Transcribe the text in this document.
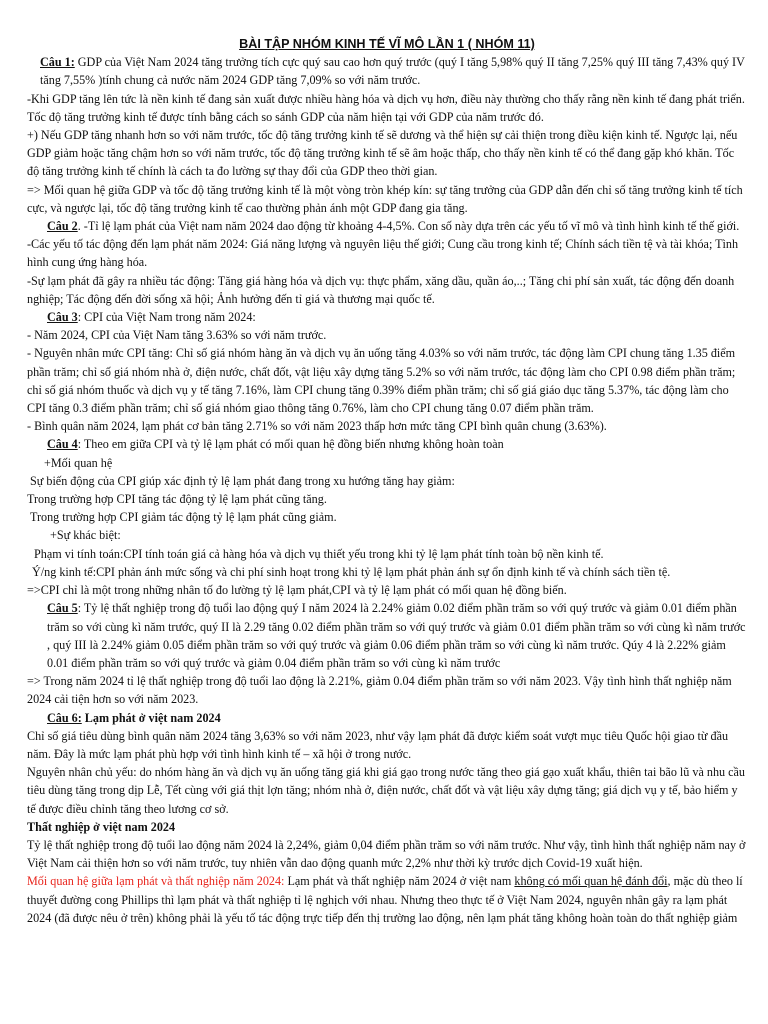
BÀI TẬP NHÓM KINH TẾ VĨ MÔ LẦN 1 ( NHÓM 11)

Câu 1: GDP của Việt Nam 2024 tăng trưởng tích cực quý sau cao hơn quý trước (quý I tăng 5,98% quý II tăng 7,25% quý III tăng 7,43% quý IV tăng 7,55% )tính chung cả nước năm 2024 GDP tăng 7,09% so với năm trước.

-Khi GDP tăng lên tức là nền kinh tế đang sản xuất được nhiều hàng hóa và dịch vụ hơn, điều này thường cho thấy rằng nền kinh tế đang phát triển. Tốc độ tăng trưởng kinh tế được tính bằng cách so sánh GDP của năm hiện tại với GDP của năm trước đó.

+) Nếu GDP tăng nhanh hơn so với năm trước, tốc độ tăng trưởng kinh tế sẽ dương và thể hiện sự cải thiện trong điều kiện kinh tế. Ngược lại, nếu GDP giảm hoặc tăng chậm hơn so với năm trước, tốc độ tăng trưởng kinh tế sẽ âm hoặc thấp, cho thấy nền kinh tế có thể đang gặp khó khăn. Tốc độ tăng trưởng kinh tế chính là cách ta đo lường sự thay đổi của GDP theo thời gian.

=> Mối quan hệ giữa GDP và tốc độ tăng trưởng kinh tế là một vòng tròn khép kín: sự tăng trưởng của GDP dẫn đến chỉ số tăng trưởng kinh tế tích cực, và ngược lại, tốc độ tăng trưởng kinh tế cao thường phản ánh một GDP đang gia tăng.

Câu 2. -Tỉ lệ lạm phát của Việt nam năm 2024 dao động từ khoảng 4-4,5%. Con số này dựa trên các yếu tố vĩ mô và tình hình kinh tế thế giới.

-Các yếu tố tác động đến lạm phát năm 2024: Giá năng lượng và nguyên liệu thế giới; Cung cầu trong kinh tế; Chính sách tiền tệ và tài khóa; Tình hình cung ứng hàng hóa.

-Sự lạm phát đã gây ra nhiều tác động: Tăng giá hàng hóa và dịch vụ: thực phẩm, xăng dầu, quần áo,..; Tăng chi phí sản xuất, tác động đến doanh nghiệp; Tác động đến đời sống xã hội; Ảnh hưởng đến tỉ giá và thương mại quốc tế.

Câu 3: CPI của Việt Nam trong năm 2024:

- Năm 2024, CPI của Việt Nam tăng 3.63% so với năm trước.

- Nguyên nhân mức CPI tăng: Chỉ số giá nhóm hàng ăn và dịch vụ ăn uống tăng 4.03% so với năm trước, tác động làm CPI chung tăng 1.35 điểm phần trăm; chỉ số giá nhóm nhà ở, điện nước, chất đốt, vật liệu xây dựng tăng 5.2% so với năm trước, tác động làm cho CPI 0.98 điểm phần trăm; chỉ số giá nhóm thuốc và dịch vụ y tế tăng 7.16%, làm CPI chung tăng 0.39% điểm phần trăm; chỉ số giá giáo dục tăng 5.37%, tác động làm cho CPI tăng 0.3 điểm phần trăm; chỉ số giá nhóm giao thông tăng 0.76%, làm cho CPI chung tăng 0.07 điểm phần trăm.

- Bình quân năm 2024, lạm phát cơ bản tăng 2.71% so với năm 2023 thấp hơn mức tăng CPI bình quân chung (3.63%).

Câu 4: Theo em giữa CPI và tỷ lệ lạm phát có mối quan hệ đồng biến nhưng không hoàn toàn

+Mối quan hệ

Sự biến động của CPI giúp xác định tỷ lệ lạm phát đang trong xu hướng tăng hay giảm:

Trong trường hợp CPI tăng tác động tỷ lệ lạm phát cũng tăng.

Trong trường hợp CPI giảm tác động tỷ lệ lạm phát cũng giảm.

+Sự khác biệt:

Phạm vi tính toán:CPI tính toán giá cả hàng hóa và dịch vụ thiết yếu trong khi tỷ lệ lạm phát tính toàn bộ nền kinh tế.

Ý/ng kinh tế:CPI phản ánh mức sống và chi phí sinh hoạt trong khi tỷ lệ lạm phát phản ánh sự ổn định kinh tế và chính sách tiền tệ.

=>CPI chỉ là một trong những nhân tố đo lường tỷ lệ lạm phát,CPI và tỷ lệ lạm phát có mối quan hệ đồng biến.

Câu 5: Tỷ lệ thất nghiệp trong độ tuổi lao động quý I năm 2024 là 2.24% giảm 0.02 điểm phần trăm so với quý trước và giảm 0.01 điểm phần trăm so với cùng kì năm trước, quý II là 2.29 tăng 0.02 điểm phần trăm so với quý trước và giảm 0.01 điểm phần trăm so với cùng kì năm trước , quý III là 2.24% giảm 0.05 điểm phần trăm so với quý trước và giảm 0.06 điểm phần trăm so với cùng kì năm trước. Qúy 4 là 2.22% giảm 0.01 điểm phần trăm so với quý trước và giảm 0.04 điểm phần trăm so với cùng kì năm trước

=> Trong năm 2024 tỉ lệ thất nghiệp trong độ tuổi lao động là 2.21%, giảm 0.04 điểm phần trăm so với năm 2023. Vậy tình hình thất nghiệp năm 2024 cải tiện hơn so với năm 2023.

Câu 6: Lạm phát ở việt nam 2024

Chỉ số giá tiêu dùng bình quân năm 2024 tăng 3,63% so với năm 2023, như vậy lạm phát đã được kiểm soát vượt mục tiêu Quốc hội giao từ đầu năm. Đây là mức lạm phát phù hợp với tình hình kinh tế – xã hội ở trong nước.

Nguyên nhân chủ yếu: do nhóm hàng ăn và dịch vụ ăn uống tăng giá khi giá gạo trong nước tăng theo giá gạo xuất khẩu, thiên tai bão lũ và nhu cầu tiêu dùng tăng trong dịp Lễ, Tết cùng với giá thịt lợn tăng; nhóm nhà ở, điện nước, chất đốt và vật liệu xây dựng tăng; giá dịch vụ y tế, bảo hiểm y tế được điều chỉnh tăng theo lương cơ sở.

Thất nghiệp ở việt nam 2024

Tỷ lệ thất nghiệp trong độ tuổi lao động năm 2024 là 2,24%, giảm 0,04 điểm phần trăm so với năm trước. Như vậy, tình hình thất nghiệp năm nay ở Việt Nam cải thiện hơn so với năm trước, tuy nhiên vẫn dao động quanh mức 2,2% như thời kỳ trước dịch Covid-19 xuất hiện.

Mối quan hệ giữa lạm phát và thất nghiệp năm 2024: Lạm phát và thất nghiệp năm 2024 ở việt nam không có mối quan hệ đánh đổi, mặc dù theo lí thuyết đường cong Phillips thì lạm phát và thất nghiệp tỉ lệ nghịch với nhau. Nhưng theo thực tế ở Việt Nam 2024, nguyên nhân gây ra lạm phát 2024 (đã được nêu ở trên) không phải là yếu tố tác động trực tiếp đến thị trường lao động, nên lạm phát tăng không hoàn toàn do thất nghiệp giảm
